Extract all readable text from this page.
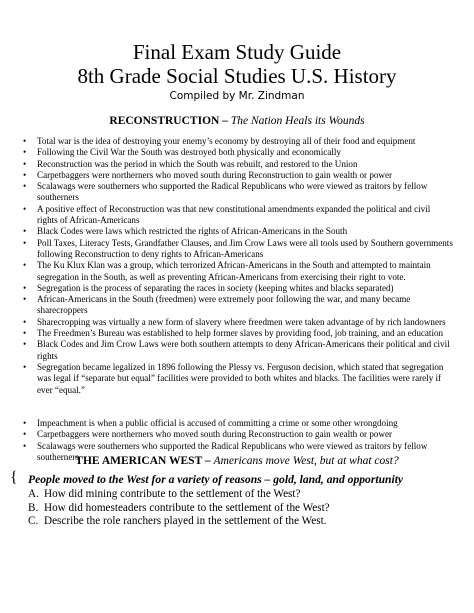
Final Exam Study Guide
8th Grade Social Studies U.S. History
Compiled by Mr. Zindman
RECONSTRUCTION – The Nation Heals its Wounds
• Total war is the idea of destroying your enemy’s economy by destroying all of their food and equipment
• Following the Civil War the South was destroyed both physically and economically
• Reconstruction was the period in which the South was rebuilt, and restored to the Union
• Carpetbaggers were northerners who moved south during Reconstruction to gain wealth or power
• Scalawags were southerners who supported the Radical Republicans who were viewed as traitors by fellow southerners
• A positive effect of Reconstruction was that new constitutional amendments expanded the political and civil rights of African-Americans
• Black Codes were laws which restricted the rights of African-Americans in the South
• Poll Taxes, Literacy Tests, Grandfather Clauses, and Jim Crow Laws were all tools used by Southern governments following Reconstruction to deny rights to African-Americans
• The Ku Klux Klan was a group, which terrorized African-Americans in the South and attempted to maintain segregation in the South, as well as preventing African-Americans from exercising their right to vote.
• Segregation is the process of separating the races in society (keeping whites and blacks separated)
• African-Americans in the South (freedmen) were extremely poor following the war, and many became sharecroppers
• Sharecropping was virtually a new form of slavery where freedmen were taken advantage of by rich landowners
• The Freedmen’s Bureau was established to help former slaves by providing food, job training, and an education
• Black Codes and Jim Crow Laws were both southern attempts to deny African-Americans their political and civil rights
• Segregation became legalized in 1896 following the Plessy vs. Ferguson decision, which stated that segregation was legal if “separate but equal” facilities were provided to both whites and blacks. The facilities were rarely if ever “equal.”
• Impeachment is when a public official is accused of committing a crime or some other wrongdoing
• Carpetbaggers were northerners who moved south during Reconstruction to gain wealth or power
• Scalawags were southerners who supported the Radical Republicans who were viewed as traitors by fellow southerners
THE AMERICAN WEST – Americans move West, but at what cost?
{ People moved to the West for a variety of reasons – gold, land, and opportunity
A. How did mining contribute to the settlement of the West?
B. How did homesteaders contribute to the settlement of the West?
C. Describe the role ranchers played in the settlement of the West.
